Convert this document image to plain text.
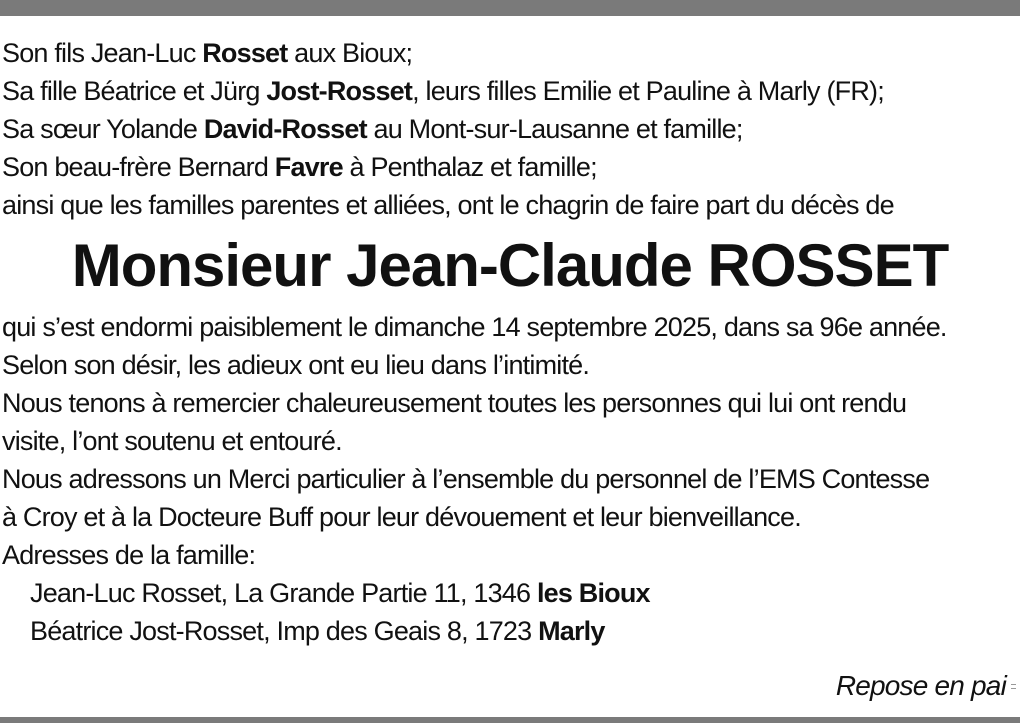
Son fils Jean-Luc Rosset aux Bioux;
Sa fille Béatrice et Jürg Jost-Rosset, leurs filles Emilie et Pauline à Marly (FR);
Sa sœur Yolande David-Rosset au Mont-sur-Lausanne et famille;
Son beau-frère Bernard Favre à Penthalaz et famille;
ainsi que les familles parentes et alliées, ont le chagrin de faire part du décès de
Monsieur Jean-Claude ROSSET
qui s’est endormi paisiblement le dimanche 14 septembre 2025, dans sa 96e année.
Selon son désir, les adieux ont eu lieu dans l’intimité.
Nous tenons à remercier chaleureusement toutes les personnes qui lui ont rendu
visite, l’ont soutenu et entouré.
Nous adressons un Merci particulier à l’ensemble du personnel de l’EMS Contesse
à Croy et à la Docteure Buff pour leur dévouement et leur bienveillance.
Adresses de la famille:
Jean-Luc Rosset, La Grande Partie 11, 1346 les Bioux
Béatrice Jost-Rosset, Imp des Geais 8, 1723 Marly
Repose en pai
